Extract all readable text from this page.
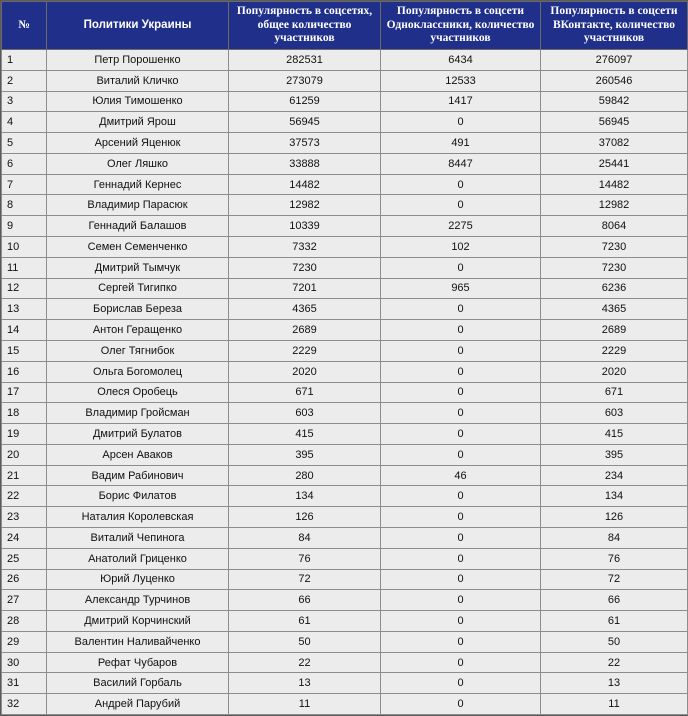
№	Политики Украины	Популярность в соцсетях, общее количество участников	Популярность в соцсети Одноклассники, количество участников	Популярность в соцсети ВКонтакте, количество участников
1	Петр Порошенко	282531	6434	276097
2	Виталий Кличко	273079	12533	260546
3	Юлия Тимошенко	61259	1417	59842
4	Дмитрий Ярош	56945	0	56945
5	Арсений Яценюк	37573	491	37082
6	Олег Ляшко	33888	8447	25441
7	Геннадий Кернес	14482	0	14482
8	Владимир Парасюк	12982	0	12982
9	Геннадий Балашов	10339	2275	8064
10	Семен Семенченко	7332	102	7230
11	Дмитрий Тымчук	7230	0	7230
12	Сергей Тигипко	7201	965	6236
13	Борислав Береза	4365	0	4365
14	Антон Геращенко	2689	0	2689
15	Олег Тягнибок	2229	0	2229
16	Ольга Богомолец	2020	0	2020
17	Олеся Оробець	671	0	671
18	Владимир Гройсман	603	0	603
19	Дмитрий Булатов	415	0	415
20	Арсен Аваков	395	0	395
21	Вадим Рабинович	280	46	234
22	Борис Филатов	134	0	134
23	Наталия Королевская	126	0	126
24	Виталий Чепинога	84	0	84
25	Анатолий Гриценко	76	0	76
26	Юрий Луценко	72	0	72
27	Александр Турчинов	66	0	66
28	Дмитрий Корчинский	61	0	61
29	Валентин Наливайченко	50	0	50
30	Рефат Чубаров	22	0	22
31	Василий Горбаль	13	0	13
32	Андрей Парубий	11	0	11
